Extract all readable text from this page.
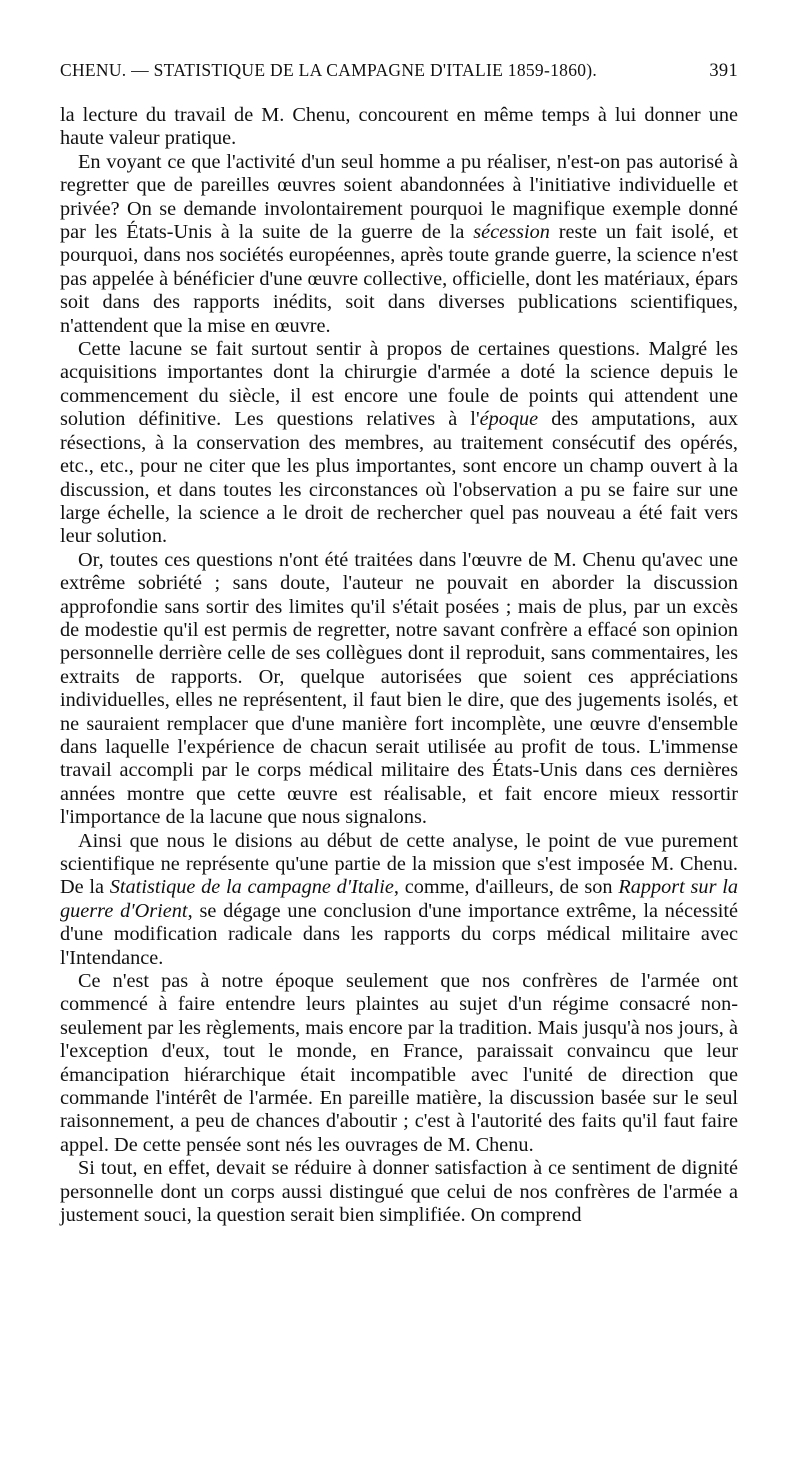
CHENU. — STATISTIQUE DE LA CAMPAGNE D'ITALIE 1859-1860).	391

la lecture du travail de M. Chenu, concourent en même temps à lui donner une haute valeur pratique.

En voyant ce que l'activité d'un seul homme a pu réaliser, n'est-on pas autorisé à regretter que de pareilles œuvres soient abandonnées à l'initiative individuelle et privée? On se demande involontairement pourquoi le magnifique exemple donné par les États-Unis à la suite de la guerre de la sécession reste un fait isolé, et pourquoi, dans nos sociétés européennes, après toute grande guerre, la science n'est pas appelée à bénéficier d'une œuvre collective, officielle, dont les matériaux, épars soit dans des rapports inédits, soit dans diverses publications scientifiques, n'attendent que la mise en œuvre.

Cette lacune se fait surtout sentir à propos de certaines questions. Malgré les acquisitions importantes dont la chirurgie d'armée a doté la science depuis le commencement du siècle, il est encore une foule de points qui attendent une solution définitive. Les questions relatives à l'époque des amputations, aux résections, à la conservation des membres, au traitement consécutif des opérés, etc., etc., pour ne citer que les plus importantes, sont encore un champ ouvert à la discussion, et dans toutes les circonstances où l'observation a pu se faire sur une large échelle, la science a le droit de rechercher quel pas nouveau a été fait vers leur solution.

Or, toutes ces questions n'ont été traitées dans l'œuvre de M. Chenu qu'avec une extrême sobriété ; sans doute, l'auteur ne pouvait en aborder la discussion approfondie sans sortir des limites qu'il s'était posées ; mais de plus, par un excès de modestie qu'il est permis de regretter, notre savant confrère a effacé son opinion personnelle derrière celle de ses collègues dont il reproduit, sans commentaires, les extraits de rapports. Or, quelque autorisées que soient ces appréciations individuelles, elles ne représentent, il faut bien le dire, que des jugements isolés, et ne sauraient remplacer que d'une manière fort incomplète, une œuvre d'ensemble dans laquelle l'expérience de chacun serait utilisée au profit de tous. L'immense travail accompli par le corps médical militaire des États-Unis dans ces dernières années montre que cette œuvre est réalisable, et fait encore mieux ressortir l'importance de la lacune que nous signalons.

Ainsi que nous le disions au début de cette analyse, le point de vue purement scientifique ne représente qu'une partie de la mission que s'est imposée M. Chenu. De la Statistique de la campagne d'Italie, comme, d'ailleurs, de son Rapport sur la guerre d'Orient, se dégage une conclusion d'une importance extrême, la nécessité d'une modification radicale dans les rapports du corps médical militaire avec l'Intendance.

Ce n'est pas à notre époque seulement que nos confrères de l'armée ont commencé à faire entendre leurs plaintes au sujet d'un régime consacré non-seulement par les règlements, mais encore par la tradition. Mais jusqu'à nos jours, à l'exception d'eux, tout le monde, en France, paraissait convaincu que leur émancipation hiérarchique était incompatible avec l'unité de direction que commande l'intérêt de l'armée. En pareille matière, la discussion basée sur le seul raisonnement, a peu de chances d'aboutir ; c'est à l'autorité des faits qu'il faut faire appel. De cette pensée sont nés les ouvrages de M. Chenu.

Si tout, en effet, devait se réduire à donner satisfaction à ce sentiment de dignité personnelle dont un corps aussi distingué que celui de nos confrères de l'armée a justement souci, la question serait bien simplifiée. On comprend
